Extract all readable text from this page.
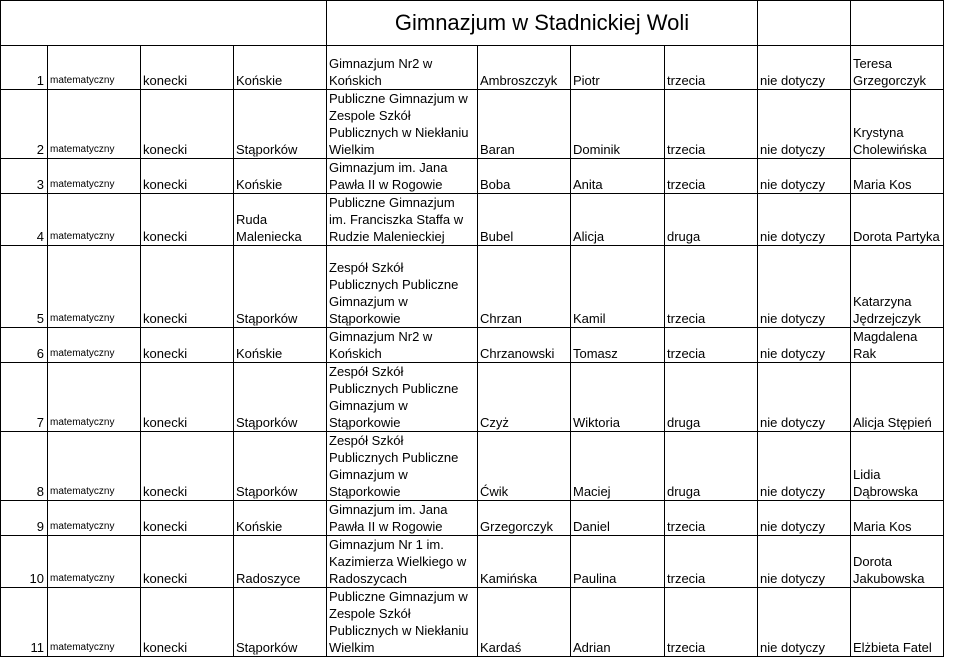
				Gimnazjum w Stadnickiej Woli					
1	matematyczny	konecki	Końskie	Gimnazjum Nr2 w Końskich	Ambroszczyk	Piotr	trzecia	nie dotyczy	Teresa Grzegorczyk
2	matematyczny	konecki	Stąporków	Publiczne Gimnazjum w Zespole Szkół Publicznych w Niekłaniu Wielkim	Baran	Dominik	trzecia	nie dotyczy	Krystyna Cholewińska
3	matematyczny	konecki	Końskie	Gimnazjum im. Jana Pawła II w Rogowie	Boba	Anita	trzecia	nie dotyczy	Maria Kos
4	matematyczny	konecki	Ruda Maleniecka	Publiczne Gimnazjum im. Franciszka Staffa w Rudzie Malenieckiej	Bubel	Alicja	druga	nie dotyczy	Dorota Partyka
5	matematyczny	konecki	Stąporków	Zespół Szkół Publicznych Publiczne Gimnazjum w Stąporkowie	Chrzan	Kamil	trzecia	nie dotyczy	Katarzyna Jędrzejczyk
6	matematyczny	konecki	Końskie	Gimnazjum Nr2 w Końskich	Chrzanowski	Tomasz	trzecia	nie dotyczy	Magdalena Rak
7	matematyczny	konecki	Stąporków	Zespół Szkół Publicznych Publiczne Gimnazjum w Stąporkowie	Czyż	Wiktoria	druga	nie dotyczy	Alicja Stępień
8	matematyczny	konecki	Stąporków	Zespół Szkół Publicznych Publiczne Gimnazjum w Stąporkowie	Ćwik	Maciej	druga	nie dotyczy	Lidia Dąbrowska
9	matematyczny	konecki	Końskie	Gimnazjum im. Jana Pawła II w Rogowie	Grzegorczyk	Daniel	trzecia	nie dotyczy	Maria Kos
10	matematyczny	konecki	Radoszyce	Gimnazjum Nr 1 im. Kazimierza Wielkiego w Radoszycach	Kamińska	Paulina	trzecia	nie dotyczy	Dorota Jakubowska
11	matematyczny	konecki	Stąporków	Publiczne Gimnazjum w Zespole Szkół Publicznych w Niekłaniu Wielkim	Kardaś	Adrian	trzecia	nie dotyczy	Elżbieta Fatel
